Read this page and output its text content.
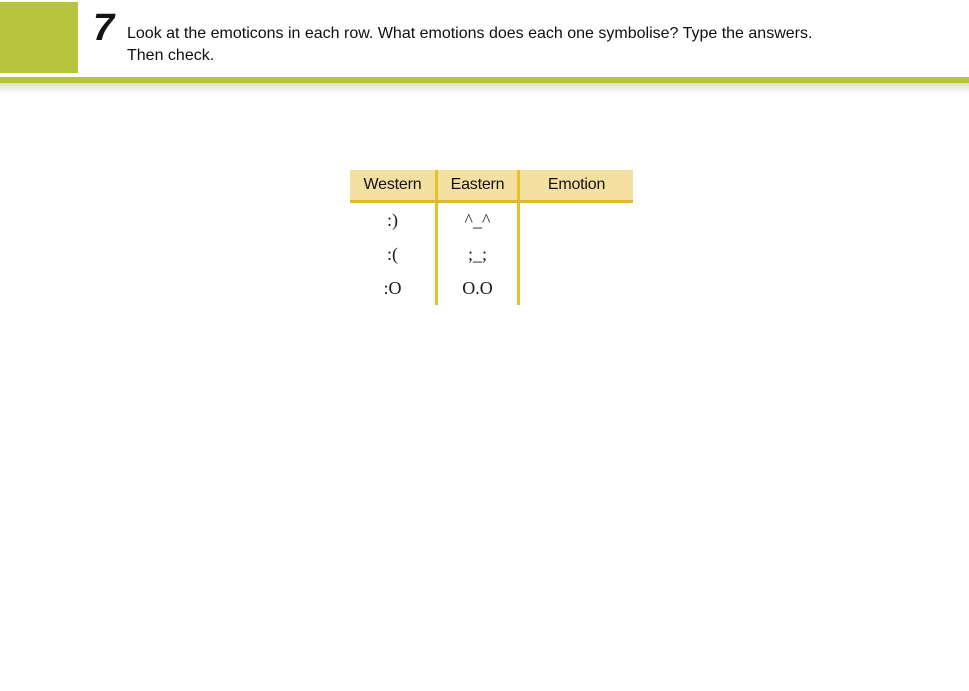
7 Look at the emoticons in each row. What emotions does each one symbolise? Type the answers.
Then check.
Western	Eastern	Emotion
:)	^_^
:(	;_;
:O	O.O
